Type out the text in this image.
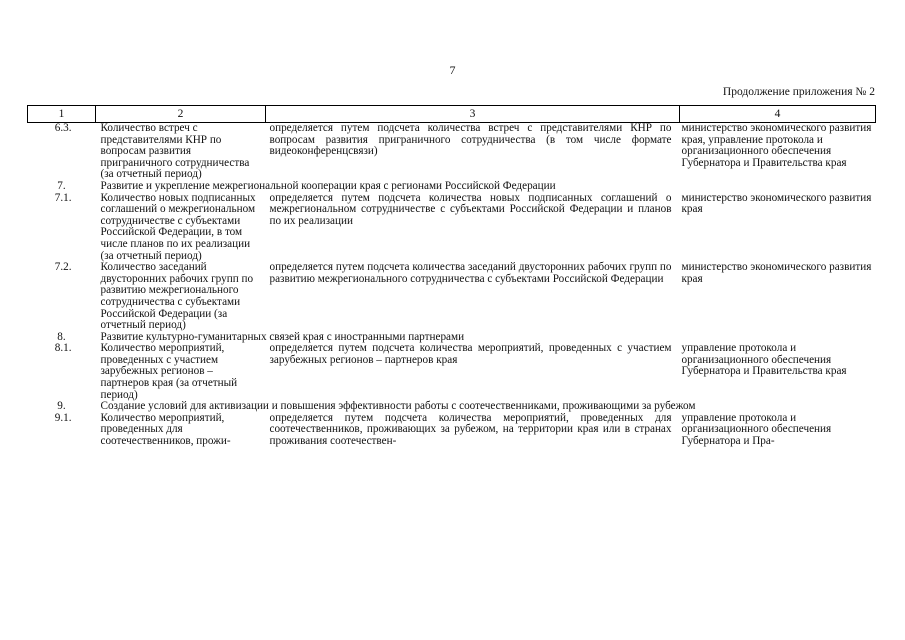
7
Продолжение приложения № 2
1	2	3	4
6.3.	Количество встреч с представителями КНР по вопросам развития приграничного сотрудничества (за отчетный период)	определяется путем подсчета количества встреч с представителями КНР по вопросам развития приграничного сотрудничества (в том числе формате видеоконференцсвязи)	министерство экономического развития края, управление протокола и организационного обеспечения Губернатора и Правительства края
7.	Развитие и укрепление межрегиональной кооперации края с регионами Российской Федерации		
7.1.	Количество новых подписанных соглашений о межрегиональном сотрудничестве с субъектами Российской Федерации, в том числе планов по их реализации (за отчетный период)	определяется путем подсчета количества новых подписанных соглашений о межрегиональном сотрудничестве с субъектами Российской Федерации и планов по их реализации	министерство экономического развития края
7.2.	Количество заседаний двусторонних рабочих групп по развитию межрегионального сотрудничества с субъектами Российской Федерации (за отчетный период)	определяется путем подсчета количества заседаний двусторонних рабочих групп по развитию межрегионального сотрудничества с субъектами Российской Федерации	министерство экономического развития края
8.	Развитие культурно-гуманитарных связей края с иностранными партнерами		
8.1.	Количество мероприятий, проведенных с участием зарубежных регионов – партнеров края (за отчетный период)	определяется путем подсчета количества мероприятий, проведенных с участием зарубежных регионов – партнеров края	управление протокола и организационного обеспечения Губернатора и Правительства края
9.	Создание условий для активизации и повышения эффективности работы с соотечественниками, проживающими за рубежом		
9.1.	Количество мероприятий, проведенных для соотечественников, прожи-	определяется путем подсчета количества мероприятий, проведенных для соотечественников, проживающих за рубежом, на территории края или в странах проживания соотечествен-	управление протокола и организационного обеспечения Губернатора и Пра-
